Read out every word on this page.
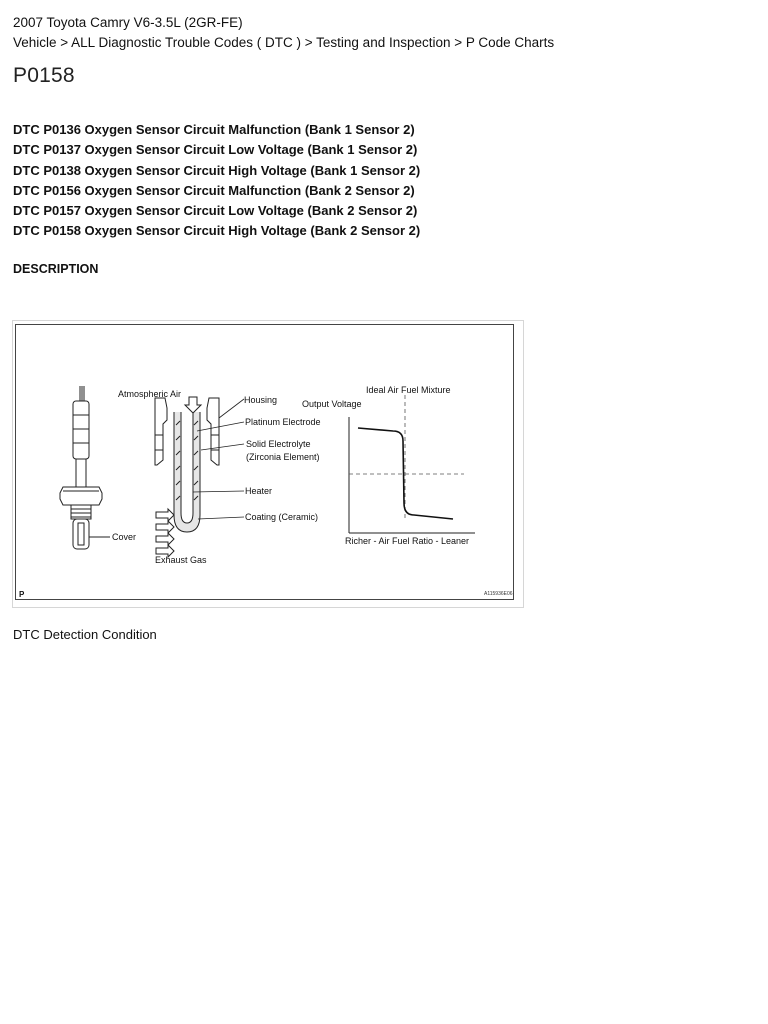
2007 Toyota Camry V6-3.5L (2GR-FE)
Vehicle > ALL Diagnostic Trouble Codes ( DTC ) > Testing and Inspection > P Code Charts
P0158
DTC P0136 Oxygen Sensor Circuit Malfunction (Bank 1 Sensor 2)
DTC P0137 Oxygen Sensor Circuit Low Voltage (Bank 1 Sensor 2)
DTC P0138 Oxygen Sensor Circuit High Voltage (Bank 1 Sensor 2)
DTC P0156 Oxygen Sensor Circuit Malfunction (Bank 2 Sensor 2)
DTC P0157 Oxygen Sensor Circuit Low Voltage (Bank 2 Sensor 2)
DTC P0158 Oxygen Sensor Circuit High Voltage (Bank 2 Sensor 2)
DESCRIPTION
Cover
Atmospheric Air
Housing
Platinum Electrode
Solid Electrolyte
(Zirconia Element)
Heater
Coating (Ceramic)
Exhaust Gas
Ideal Air Fuel Mixture
Output Voltage
Richer - Air Fuel Ratio - Leaner
P	A115936E06
DTC Detection Condition
